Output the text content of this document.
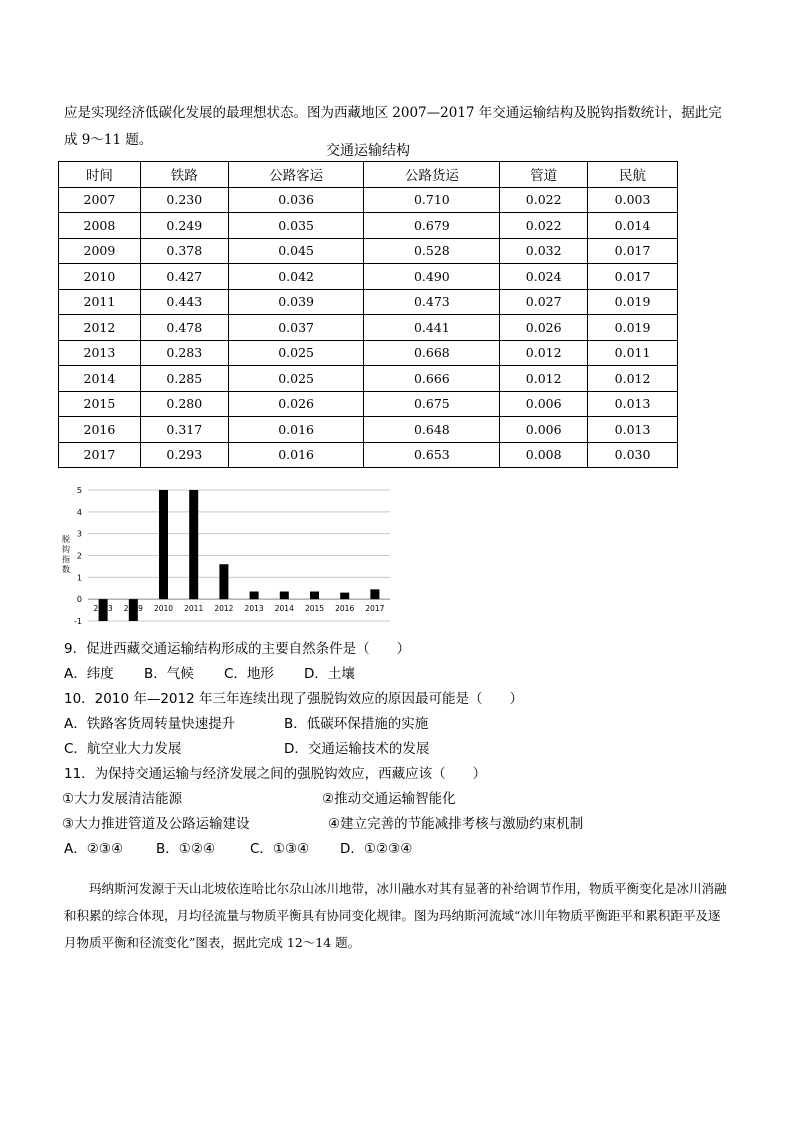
应是实现经济低碳化发展的最理想状态。图为西藏地区 2007—2017 年交通运输结构及脱钩指数统计，据此完成 9～11 题。

交通运输结构
时间	铁路	公路客运	公路货运	管道	民航
2007	0.230	0.036	0.710	0.022	0.003
2008	0.249	0.035	0.679	0.022	0.014
2009	0.378	0.045	0.528	0.032	0.017
2010	0.427	0.042	0.490	0.024	0.017
2011	0.443	0.039	0.473	0.027	0.019
2012	0.478	0.037	0.441	0.026	0.019
2013	0.283	0.025	0.668	0.012	0.011
2014	0.285	0.025	0.666	0.012	0.012
2015	0.280	0.026	0.675	0.006	0.013
2016	0.317	0.016	0.648	0.006	0.013
2017	0.293	0.016	0.653	0.008	0.030
-1
0
1
2
3
4
5
脱
钩
指
数
2003 2009 2010 2011 2012 2013 2014 2015 2016 2017
9．促进西藏交通运输结构形成的主要自然条件是（　　）
A．纬度 B．气候 C．地形 D．土壤
10．2010 年—2012 年三年连续出现了强脱钩效应的原因最可能是（　　）
A．铁路客货周转量快速提升	B．低碳环保措施的实施
C．航空业大力发展	D．交通运输技术的发展
11．为保持交通运输与经济发展之间的强脱钩效应，西藏应该（　　）
①大力发展清洁能源	②推动交通运输智能化
③大力推进管道及公路运输建设	④建立完善的节能减排考核与激励约束机制
A．②③④ B．①②④	C．①③④ D．①②③④

玛纳斯河发源于天山北坡依连哈比尔尕山冰川地带，冰川融水对其有显著的补给调节作用，物质平衡变化是冰川消融和积累的综合体现，月均径流量与物质平衡具有协同变化规律。图为玛纳斯河流域“冰川年物质平衡距平和累积距平及逐月物质平衡和径流变化”图表，据此完成 12～14 题。
